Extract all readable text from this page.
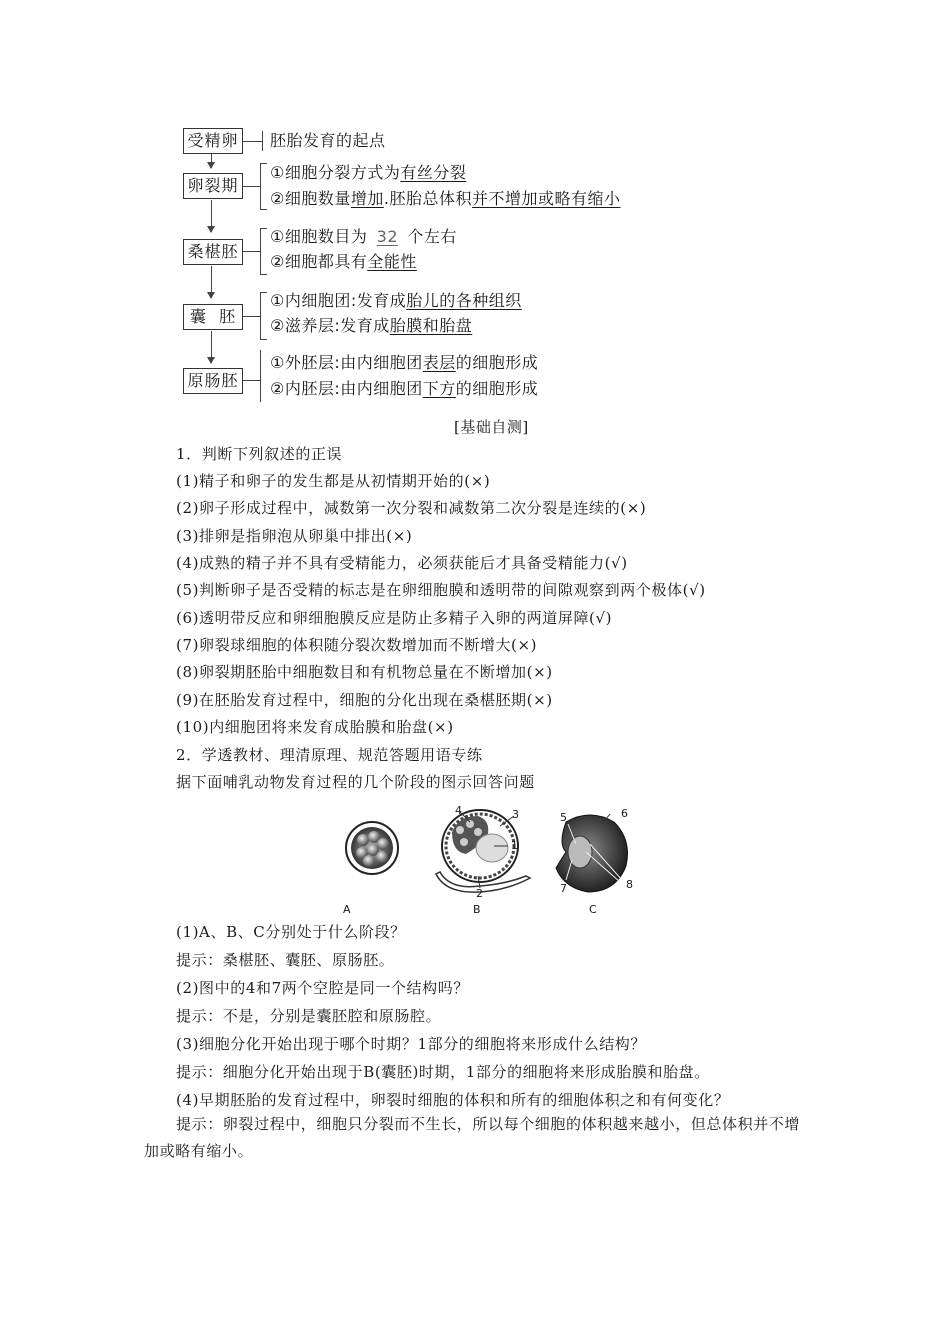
受精卵 胚胎发育的起点
卵裂期
①细胞分裂方式为有丝分裂
②细胞数量增加.胚胎总体积并不增加或略有缩小
桑椹胚
①细胞数目为 32 个左右
②细胞都具有全能性
囊  胚
①内细胞团:发育成胎儿的各种组织
②滋养层:发育成胎膜和胎盘
原肠胚
①外胚层:由内细胞团表层的细胞形成
②内胚层:由内细胞团下方的细胞形成
[基础自测]
1．判断下列叙述的正误
(1)精子和卵子的发生都是从初情期开始的(×)
(2)卵子形成过程中，减数第一次分裂和减数第二次分裂是连续的(×)
(3)排卵是指卵泡从卵巢中排出(×)
(4)成熟的精子并不具有受精能力，必须获能后才具备受精能力(√)
(5)判断卵子是否受精的标志是在卵细胞膜和透明带的间隙观察到两个极体(√)
(6)透明带反应和卵细胞膜反应是防止多精子入卵的两道屏障(√)
(7)卵裂球细胞的体积随分裂次数增加而不断增大(×)
(8)卵裂期胚胎中细胞数目和有机物总量在不断增加(×)
(9)在胚胎发育过程中，细胞的分化出现在桑椹胚期(×)
(10)内细胞团将来发育成胎膜和胎盘(×)
2．学透教材、理清原理、规范答题用语专练
据下面哺乳动物发育过程的几个阶段的图示回答问题
A	B	C
1
2
3
4
5	6
7	8
(1)A、B、C分别处于什么阶段？
提示：桑椹胚、囊胚、原肠胚。
(2)图中的4和7两个空腔是同一个结构吗？
提示：不是，分别是囊胚腔和原肠腔。
(3)细胞分化开始出现于哪个时期？1部分的细胞将来形成什么结构？
提示：细胞分化开始出现于B(囊胚)时期，1部分的细胞将来形成胎膜和胎盘。
(4)早期胚胎的发育过程中，卵裂时细胞的体积和所有的细胞体积之和有何变化？
提示：卵裂过程中，细胞只分裂而不生长，所以每个细胞的体积越来越小，但总体积并不增加或略有缩小。
